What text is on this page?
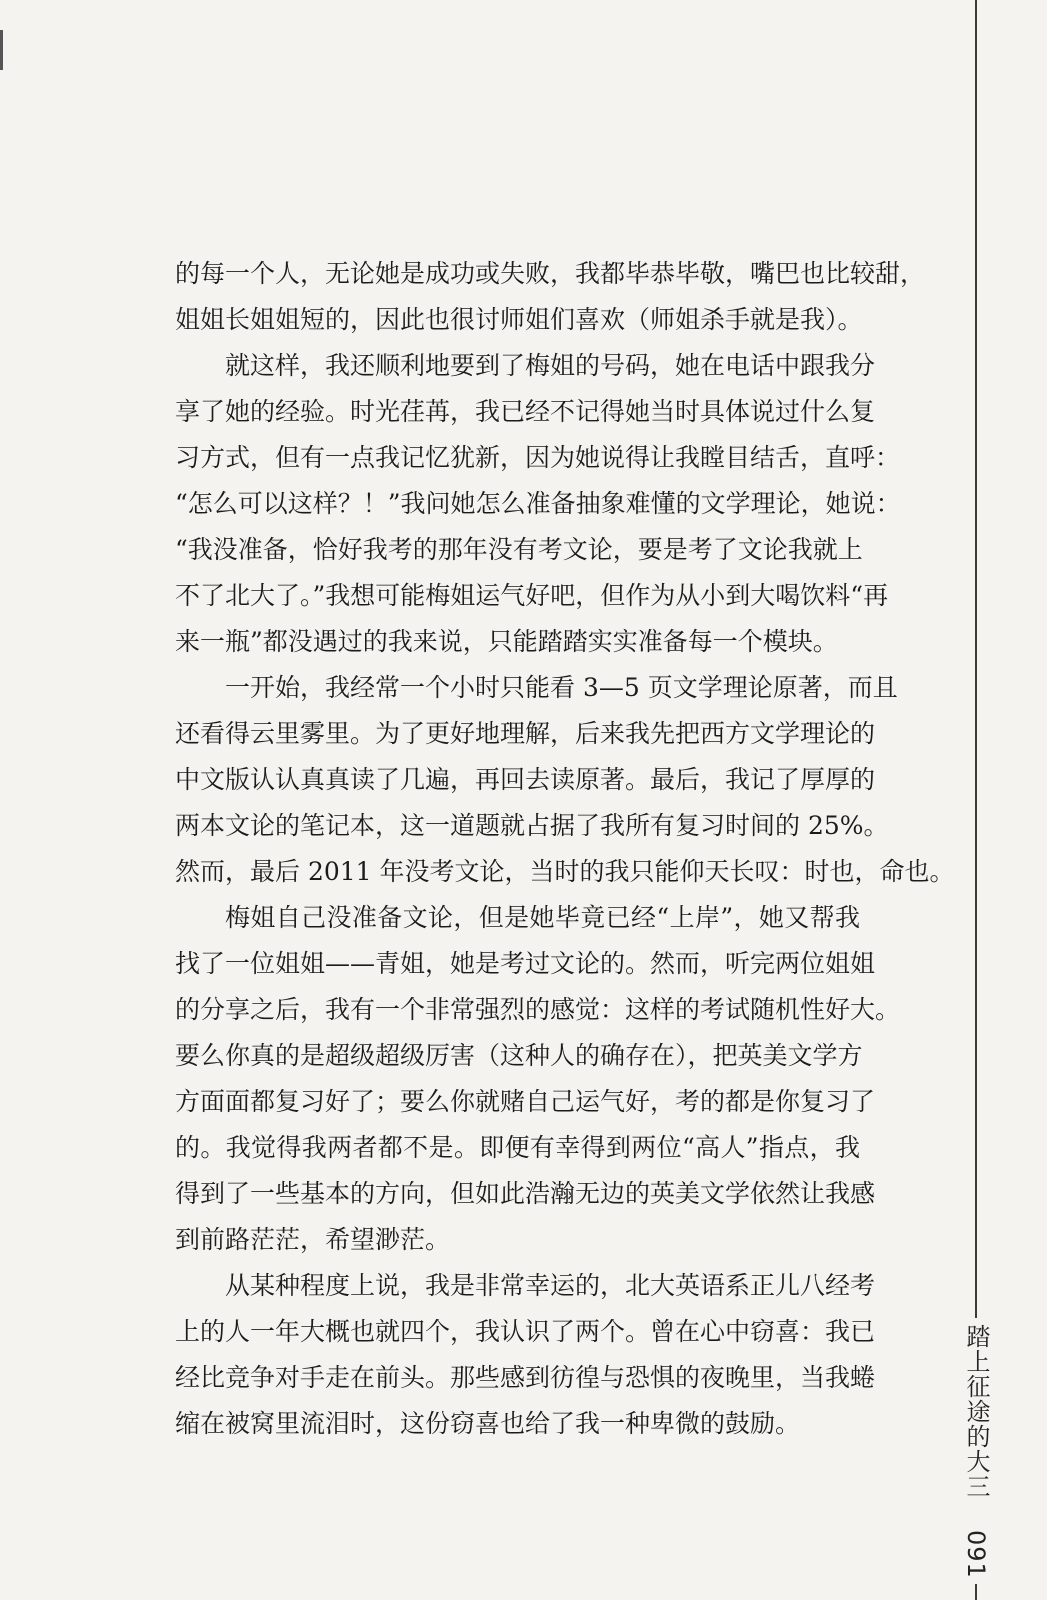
踏上征途的大三 091
的每一个人，无论她是成功或失败，我都毕恭毕敬，嘴巴也比较甜，
姐姐长姐姐短的，因此也很讨师姐们喜欢（师姐杀手就是我）。
就这样，我还顺利地要到了梅姐的号码，她在电话中跟我分
享了她的经验。时光荏苒，我已经不记得她当时具体说过什么复
习方式，但有一点我记忆犹新，因为她说得让我瞠目结舌，直呼：
“怎么可以这样？！”我问她怎么准备抽象难懂的文学理论，她说：
“我没准备，恰好我考的那年没有考文论，要是考了文论我就上
不了北大了。”我想可能梅姐运气好吧，但作为从小到大喝饮料“再
来一瓶”都没遇过的我来说，只能踏踏实实准备每一个模块。
一开始，我经常一个小时只能看 3—5 页文学理论原著，而且
还看得云里雾里。为了更好地理解，后来我先把西方文学理论的
中文版认认真真读了几遍，再回去读原著。最后，我记了厚厚的
两本文论的笔记本，这一道题就占据了我所有复习时间的 25%。
然而，最后 2011 年没考文论，当时的我只能仰天长叹：时也，命也。
梅姐自己没准备文论，但是她毕竟已经“上岸”，她又帮我
找了一位姐姐——青姐，她是考过文论的。然而，听完两位姐姐
的分享之后，我有一个非常强烈的感觉：这样的考试随机性好大。
要么你真的是超级超级厉害（这种人的确存在），把英美文学方
方面面都复习好了；要么你就赌自己运气好，考的都是你复习了
的。我觉得我两者都不是。即便有幸得到两位“高人”指点，我
得到了一些基本的方向，但如此浩瀚无边的英美文学依然让我感
到前路茫茫，希望渺茫。
从某种程度上说，我是非常幸运的，北大英语系正儿八经考
上的人一年大概也就四个，我认识了两个。曾在心中窃喜：我已
经比竞争对手走在前头。那些感到彷徨与恐惧的夜晚里，当我蜷
缩在被窝里流泪时，这份窃喜也给了我一种卑微的鼓励。
